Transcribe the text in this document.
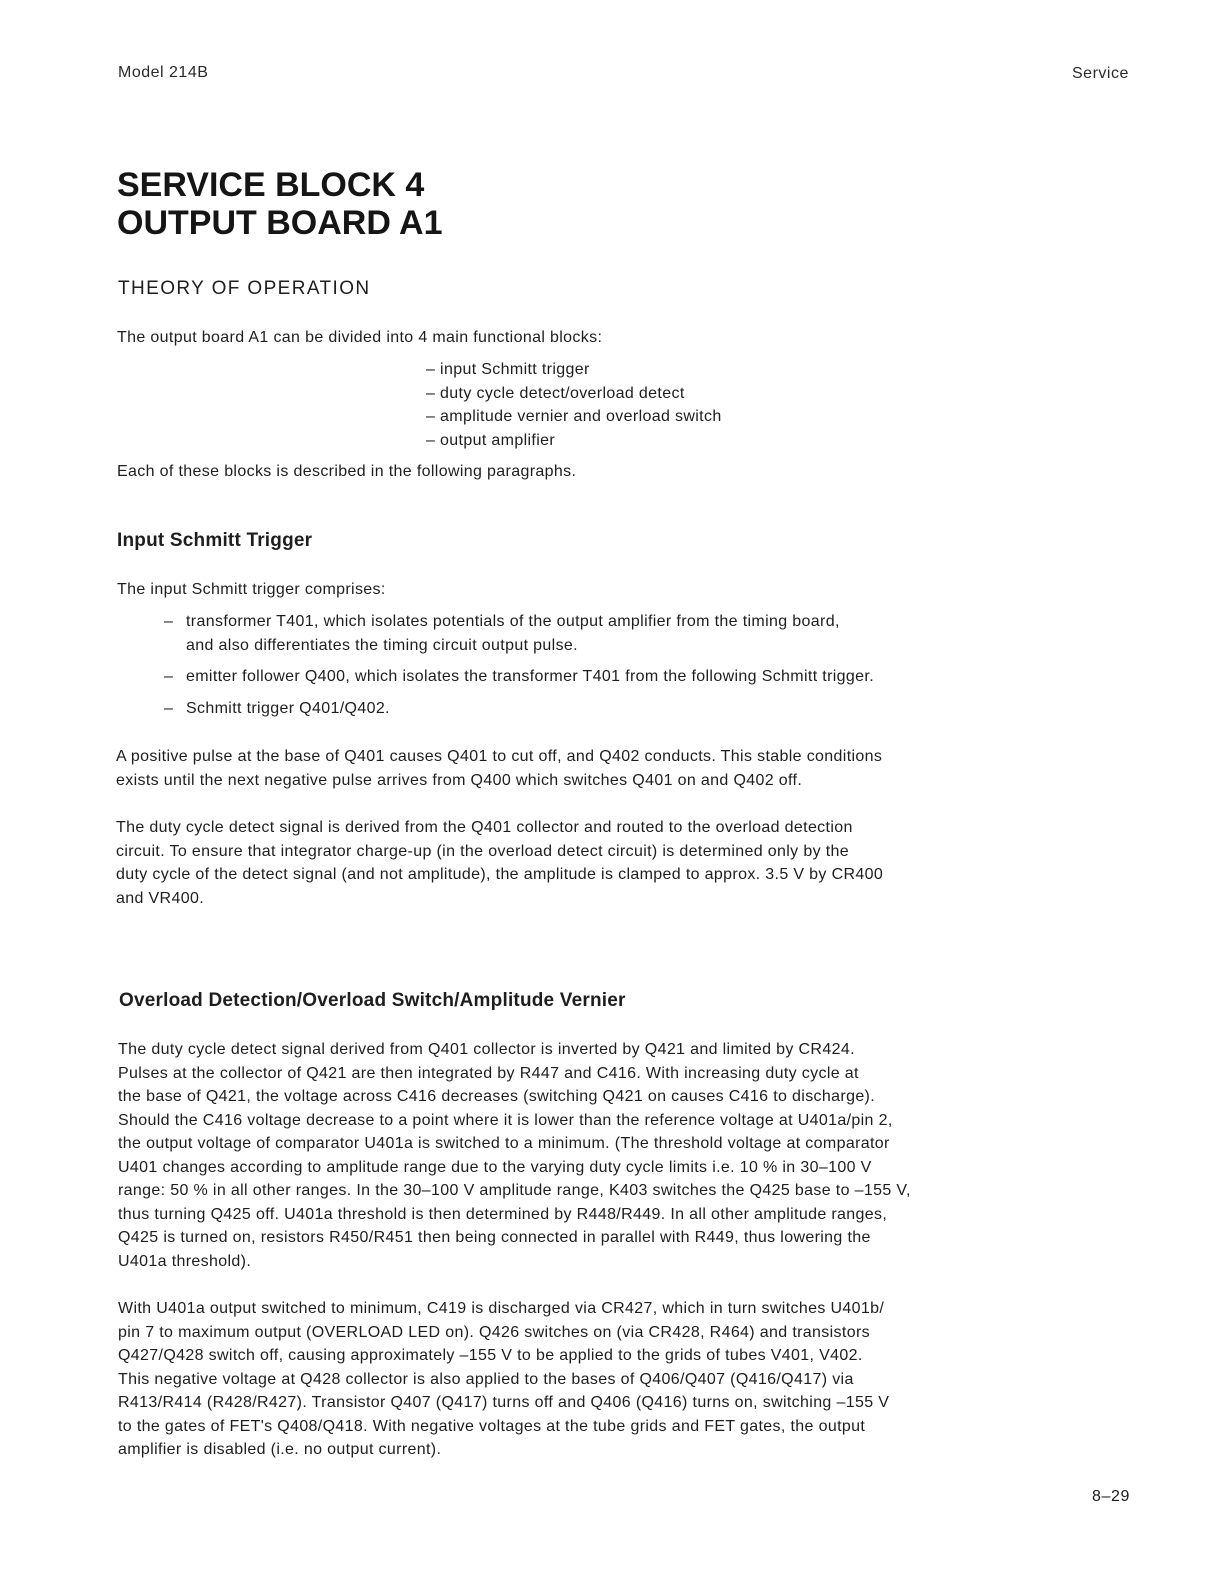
Model 214B	Service
SERVICE BLOCK 4
OUTPUT BOARD A1
THEORY OF OPERATION
The output board A1 can be divided into 4 main functional blocks:
– input Schmitt trigger
– duty cycle detect/overload detect
– amplitude vernier and overload switch
– output amplifier
Each of these blocks is described in the following paragraphs.
Input Schmitt Trigger
The input Schmitt trigger comprises:
– transformer T401, which isolates potentials of the output amplifier from the timing board,
and also differentiates the timing circuit output pulse.
– emitter follower Q400, which isolates the transformer T401 from the following Schmitt trigger.
– Schmitt trigger Q401/Q402.
A positive pulse at the base of Q401 causes Q401 to cut off, and Q402 conducts. This stable conditions
exists until the next negative pulse arrives from Q400 which switches Q401 on and Q402 off.
The duty cycle detect signal is derived from the Q401 collector and routed to the overload detection
circuit. To ensure that integrator charge-up (in the overload detect circuit) is determined only by the
duty cycle of the detect signal (and not amplitude), the amplitude is clamped to approx. 3.5 V by CR400
and VR400.
Overload Detection/Overload Switch/Amplitude Vernier
The duty cycle detect signal derived from Q401 collector is inverted by Q421 and limited by CR424.
Pulses at the collector of Q421 are then integrated by R447 and C416. With increasing duty cycle at
the base of Q421, the voltage across C416 decreases (switching Q421 on causes C416 to discharge).
Should the C416 voltage decrease to a point where it is lower than the reference voltage at U401a/pin 2,
the output voltage of comparator U401a is switched to a minimum. (The threshold voltage at comparator
U401 changes according to amplitude range due to the varying duty cycle limits i.e. 10 % in 30–100 V
range: 50 % in all other ranges. In the 30–100 V amplitude range, K403 switches the Q425 base to –155 V,
thus turning Q425 off. U401a threshold is then determined by R448/R449. In all other amplitude ranges,
Q425 is turned on, resistors R450/R451 then being connected in parallel with R449, thus lowering the
U401a threshold).
With U401a output switched to minimum, C419 is discharged via CR427, which in turn switches U401b/
pin 7 to maximum output (OVERLOAD LED on). Q426 switches on (via CR428, R464) and transistors
Q427/Q428 switch off, causing approximately –155 V to be applied to the grids of tubes V401, V402.
This negative voltage at Q428 collector is also applied to the bases of Q406/Q407 (Q416/Q417) via
R413/R414 (R428/R427). Transistor Q407 (Q417) turns off and Q406 (Q416) turns on, switching –155 V
to the gates of FET's Q408/Q418. With negative voltages at the tube grids and FET gates, the output
amplifier is disabled (i.e. no output current).
8–29
